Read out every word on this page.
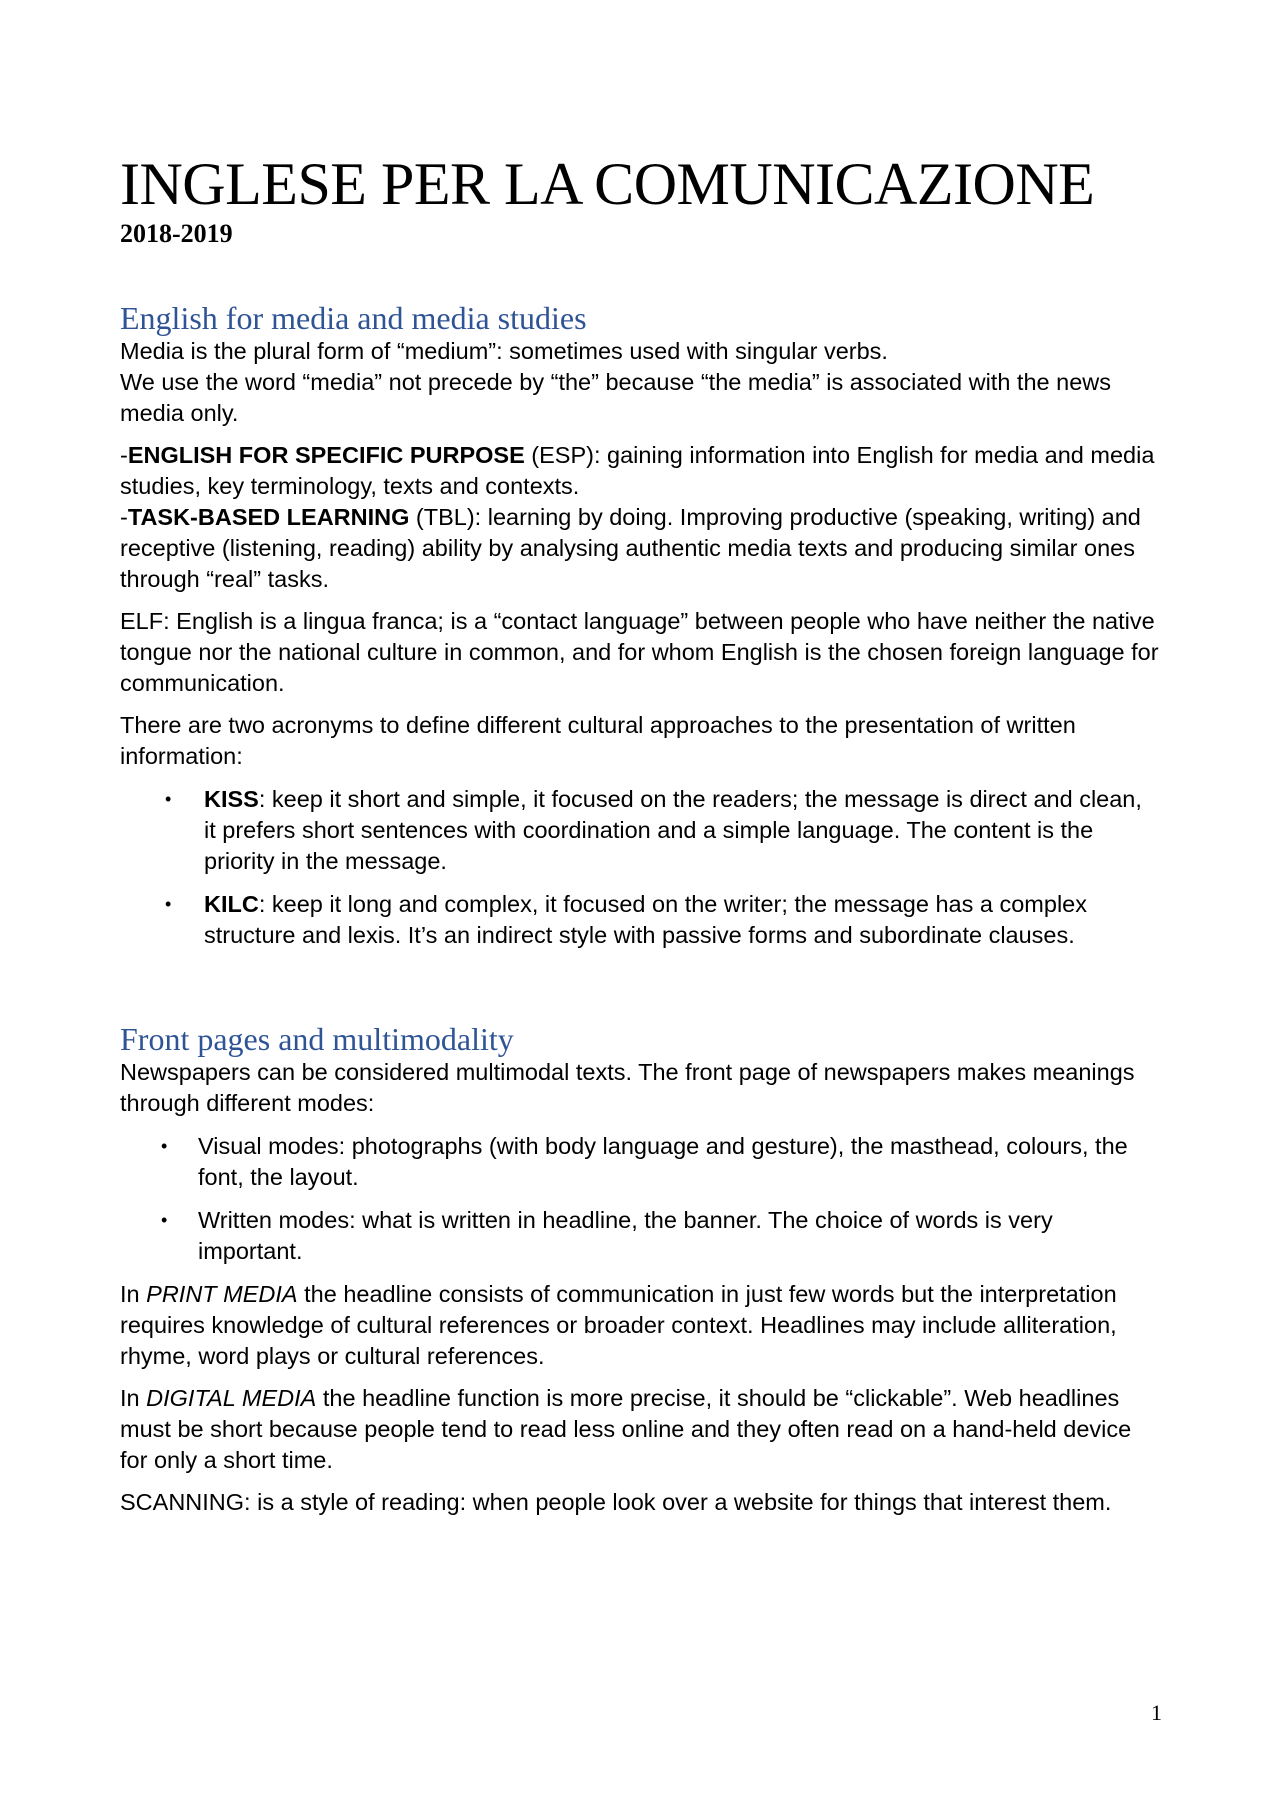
INGLESE PER LA COMUNICAZIONE
2018-2019
English for media and media studies

Media is the plural form of “medium”: sometimes used with singular verbs.

We use the word “media” not precede by “the” because “the media” is associated with the news media only.

-ENGLISH FOR SPECIFIC PURPOSE (ESP): gaining information into English for media and media studies, key terminology, texts and contexts.

-TASK-BASED LEARNING (TBL): learning by doing. Improving productive (speaking, writing) and receptive (listening, reading) ability by analysing authentic media texts and producing similar ones through “real” tasks.

ELF: English is a lingua franca; is a “contact language” between people who have neither the native tongue nor the national culture in common, and for whom English is the chosen foreign language for communication.

There are two acronyms to define different cultural approaches to the presentation of written information:

• KISS: keep it short and simple, it focused on the readers; the message is direct and clean, it prefers short sentences with coordination and a simple language. The content is the priority in the message.
• KILC: keep it long and complex, it focused on the writer; the message has a complex structure and lexis. It’s an indirect style with passive forms and subordinate clauses.
Front pages and multimodality

Newspapers can be considered multimodal texts. The front page of newspapers makes meanings through different modes:

• Visual modes: photographs (with body language and gesture), the masthead, colours, the font, the layout.
• Written modes: what is written in headline, the banner. The choice of words is very important.

In PRINT MEDIA the headline consists of communication in just few words but the interpretation requires knowledge of cultural references or broader context. Headlines may include alliteration, rhyme, word plays or cultural references.

In DIGITAL MEDIA the headline function is more precise, it should be “clickable”. Web headlines must be short because people tend to read less online and they often read on a hand-held device for only a short time.

SCANNING: is a style of reading: when people look over a website for things that interest them.

1
